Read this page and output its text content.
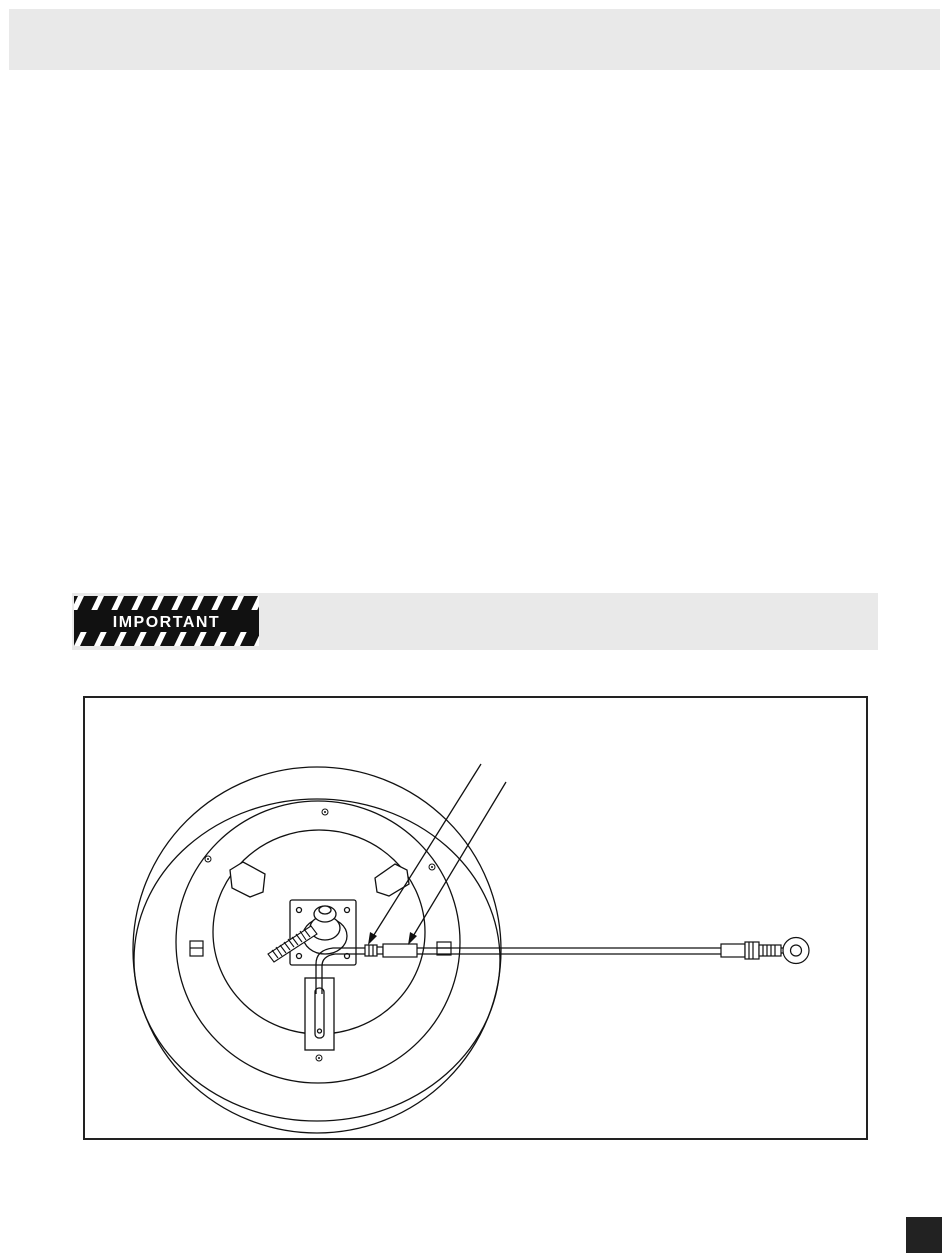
IMPORTANT
